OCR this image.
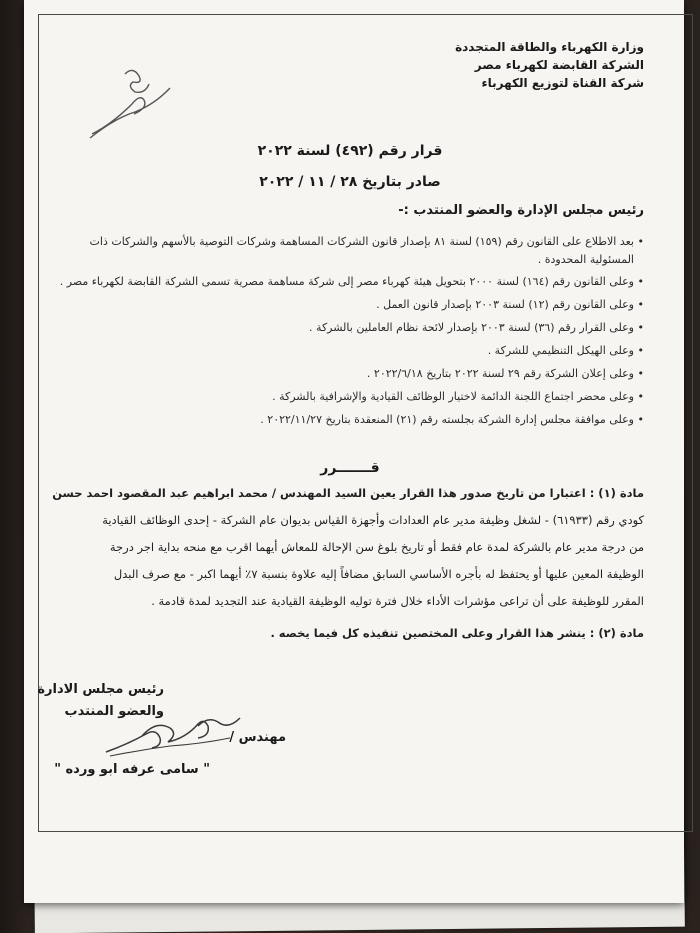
وزارة الكهرباء والطاقة المتجددة
الشركة القابضة لكهرباء مصر
شركة القناة لتوزيع الكهرباء
قرار رقم (٤٩٢) لسنة ٢٠٢٢
صادر بتاريخ ٢٨ / ١١ / ٢٠٢٢
رئيس مجلس الإدارة والعضو المنتدب :-
• بعد الاطلاع على القانون رقم (١٥٩) لسنة ٨١ بإصدار قانون الشركات المساهمة وشركات التوصية بالأسهم والشركات ذات
المسئولية المحدودة .
• وعلى القانون رقم (١٦٤) لسنة ٢٠٠٠ بتحويل هيئة كهرباء مصر إلى شركة مساهمة مصرية تسمى الشركة القابضة لكهرباء مصر .
• وعلى القانون رقم (١٢) لسنة ٢٠٠٣ بإصدار قانون العمل .
• وعلى القرار رقم (٣٦) لسنة ٢٠٠٣ بإصدار لائحة نظام العاملين بالشركة .
• وعلى الهيكل التنظيمي للشركة .
• وعلى إعلان الشركة رقم ٢٩ لسنة ٢٠٢٢ بتاريخ ٢٠٢٢/٦/١٨ .
• وعلى محضر اجتماع اللجنة الدائمة لاختيار الوظائف القيادية والإشرافية بالشركة .
• وعلى موافقة مجلس إدارة الشركة بجلسته رقم (٢١) المنعقدة بتاريخ ٢٠٢٢/١١/٢٧ .
قـــــــرر
مادة (١) : اعتبارا من تاريخ صدور هذا القرار يعين السيد المهندس / محمد ابراهيم عبد المقصود احمد حسن
كودي رقم (٦١٩٣٣) - لشغل وظيفة مدير عام العدادات وأجهزة القياس بديوان عام الشركة - إحدى الوظائف القيادية
من درجة مدير عام بالشركة لمدة عام فقط أو تاريخ بلوغ سن الإحالة للمعاش أيهما اقرب مع منحه بداية اجر درجة
الوظيفة المعين عليها أو يحتفظ له بأجره الأساسي السابق مضافاً إليه علاوة بنسبة ٧٪ أيهما اكبر - مع صرف البدل
المقرر للوظيفة على أن تراعى مؤشرات الأداء خلال فترة توليه الوظيفة القيادية عند التجديد لمدة قادمة .
مادة (٢) : ينشر هذا القرار وعلى المختصين تنفيذه كل فيما يخصه .
رئيس مجلس الادارة
والعضو المنتدب
مهندس /
" سامى عرفه ابو ورده "
